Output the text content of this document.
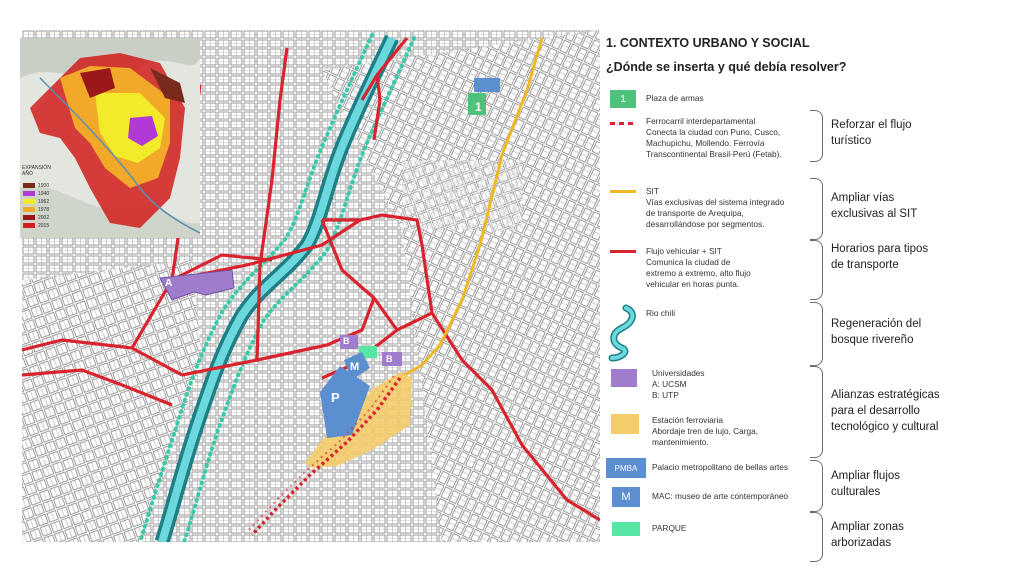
1
A
B
B
M
P
EXPANSIÓN
AÑO
1900
1940
1962
1978
2002
2015
1. CONTEXTO URBANO Y SOCIAL
¿Dónde se inserta y qué debía resolver?
1	Plaza de armas
Ferrocarril interdepartamental
Conecta la ciudad con Puno, Cusco,
Machupichu, Mollendo. Ferrovía
Transcontinental Brasil-Perú (Fetab).
SIT
Vías exclusivas del sistema integrado
de transporte de Arequipa,
desarrollándose por segmentos.
Flujo vehicular + SIT
Comunica la ciudad de
extremo a extremo, alto flujo
vehicular en horas punta.
Rio chili
Universidades
A: UCSM
B: UTP
Estación ferroviaria
Abordaje tren de lujo, Carga,
mantenimiento.
PMBA	Palacio metropolitano de bellas artes
M	MAC: museo de arte contemporáneo
PARQUE
Reforzar el flujo
turístico
Ampliar vías
exclusivas al SIT
Horarios para tipos
de transporte
Regeneración del
bosque rivereño
Alianzas estratégicas
para el desarrollo
tecnológico y cultural
Ampliar flujos
culturales
Ampliar zonas
arborizadas
